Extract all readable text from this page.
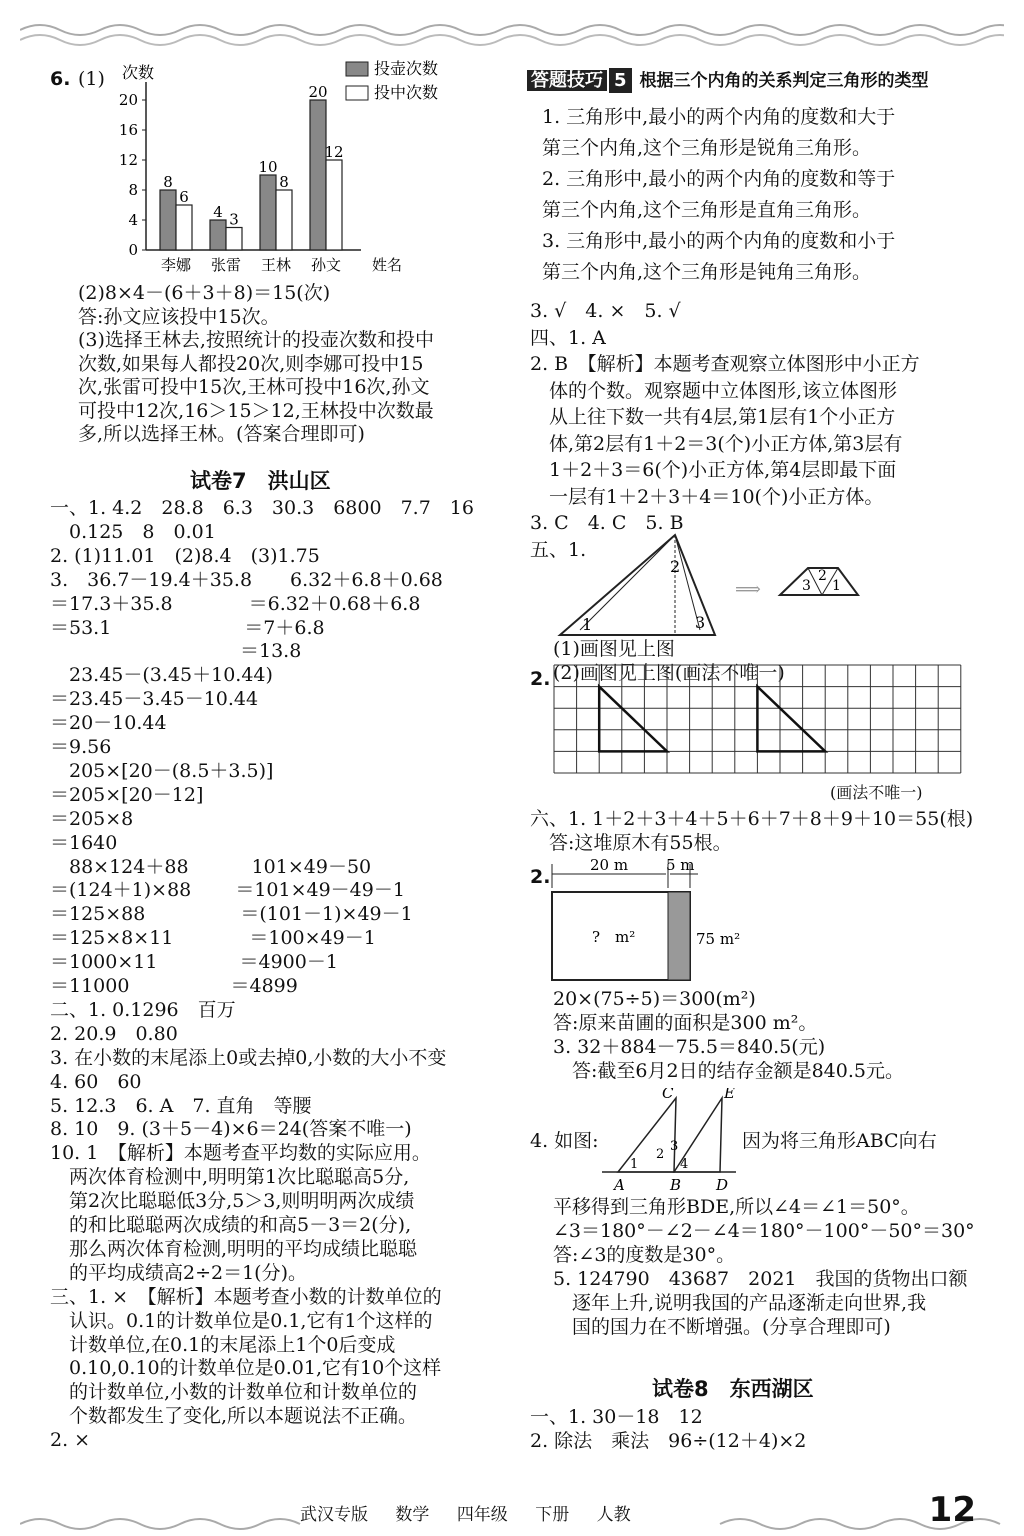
6. (1) 次数
0
4
8
12
16
20
8
6
李娜
4 3
张雷
10
8
王林
20
12
孙文 姓名
投壶次数
投中次数
(2)8×4－(6＋3＋8)＝15(次)
答:孙文应该投中15次。
(3)选择王林去,按照统计的投壶次数和投中
次数,如果每人都投20次,则李娜可投中15
次,张雷可投中15次,王林可投中16次,孙文
可投中12次,16＞15＞12,王林投中次数最
多,所以选择王林。(答案合理即可)
试卷7　洪山区
一、1. 4.2　28.8　6.3　30.3　6800　7.7　16
　0.125　8　0.01
2. (1)11.01　(2)8.4　(3)1.75
3.　36.7－19.4＋35.8　　6.32＋6.8＋0.68
＝17.3＋35.8　　　　＝6.32＋0.68＋6.8
＝53.1　　　　　　　＝7＋6.8
　　　　　　　　　　＝13.8
　23.45－(3.45＋10.44)
＝23.45－3.45－10.44
＝20－10.44
＝9.56
　205×[20－(8.5＋3.5)]
＝205×[20－12]
＝205×8
＝1640
　88×124＋88　　　 101×49－50
＝(124＋1)×88　　 ＝101×49－49－1
＝125×88　　　　　＝(101－1)×49－1
＝125×8×11　　　　＝100×49－1
＝1000×11　　　　 ＝4900－1
＝11000　　　　　 ＝4899
二、1. 0.1296　百万
2. 20.9　0.80
3. 在小数的末尾添上0或去掉0,小数的大小不变
4. 60　60
5. 12.3　6. A　7. 直角　等腰
8. 10　9. (3＋5－4)×6＝24(答案不唯一)
10. 1　【解析】本题考查平均数的实际应用。
　两次体育检测中,明明第1次比聪聪高5分,
　第2次比聪聪低3分,5＞3,则明明两次成绩
　的和比聪聪两次成绩的和高5－3＝2(分),
　那么两次体育检测,明明的平均成绩比聪聪
　的平均成绩高2÷2＝1(分)。
三、1. ×　【解析】本题考查小数的计数单位的
　认识。0.1的计数单位是0.1,它有1个这样的
　计数单位,在0.1的末尾添上1个0后变成
　0.10,0.10的计数单位是0.01,它有10个这样
　的计数单位,小数的计数单位和计数单位的
　个数都发生了变化,所以本题说法不正确。
2. ×
答题技巧 5 根据三个内角的关系判定三角形的类型
1. 三角形中,最小的两个内角的度数和大于
第三个内角,这个三角形是锐角三角形。
2. 三角形中,最小的两个内角的度数和等于
第三个内角,这个三角形是直角三角形。
3. 三角形中,最小的两个内角的度数和小于
第三个内角,这个三角形是钝角三角形。
3. √　4. ×　5. √
四、1. A
2. B　【解析】本题考查观察立体图形中小正方
　体的个数。观察题中立体图形,该立体图形
　从上往下数一共有4层,第1层有1个小正方
　体,第2层有1＋2＝3(个)小正方体,第3层有
　1＋2＋3＝6(个)小正方体,第4层即最下面
　一层有1＋2＋3＋4＝10(个)小正方体。
3. C　4. C　5. B
五、1.
1
2
3
⟹	3
2
1
(1)画图见上图
(2)画图见上图(画法不唯一)
2.
(画法不唯一)
六、1. 1＋2＋3＋4＋5＋6＋7＋8＋9＋10＝55(根)
　答:这堆原木有55根。
2.
20 m	5 m
?　m²	75 m²
20×(75÷5)＝300(m²)
答:原来苗圃的面积是300 m²。
3. 32＋884－75.5＝840.5(元)
　答:截至6月2日的结存金额是840.5元。
4. 如图:
C	E
A	B D
1
2
3
4
因为将三角形ABC向右
平移得到三角形BDE,所以∠4＝∠1＝50°。
∠3＝180°－∠2－∠4＝180°－100°－50°＝30°
答:∠3的度数是30°。
5. 124790　43687　2021　我国的货物出口额
　逐年上升,说明我国的产品逐渐走向世界,我
　国的国力在不断增强。(分享合理即可)
试卷8　东西湖区
一、1. 30－18　12
2. 除法　乘法　96÷(12＋4)×2
武汉专版 数学 四年级 下册 人教	12
